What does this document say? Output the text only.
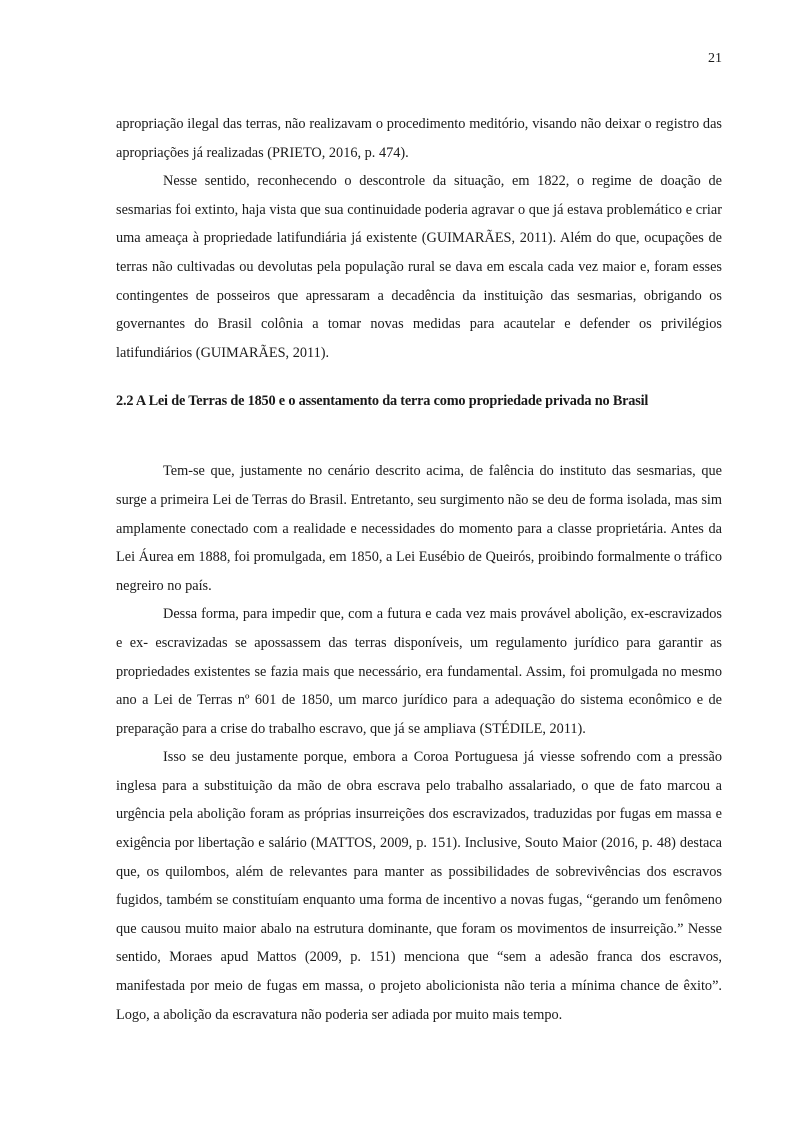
21

apropriação ilegal das terras, não realizavam o procedimento meditório, visando não deixar o registro das apropriações já realizadas (PRIETO, 2016, p. 474).

Nesse sentido, reconhecendo o descontrole da situação, em 1822, o regime de doação de sesmarias foi extinto, haja vista que sua continuidade poderia agravar o que já estava problemático e criar uma ameaça à propriedade latifundiária já existente (GUIMARÃES, 2011). Além do que, ocupações de terras não cultivadas ou devolutas pela população rural se dava em escala cada vez maior e, foram esses contingentes de posseiros que apressaram a decadência da instituição das sesmarias, obrigando os governantes do Brasil colônia a tomar novas medidas para acautelar e defender os privilégios latifundiários (GUIMARÃES, 2011).

2.2 A Lei de Terras de 1850 e o assentamento da terra como propriedade privada no Brasil

Tem-se que, justamente no cenário descrito acima, de falência do instituto das sesmarias, que surge a primeira Lei de Terras do Brasil. Entretanto, seu surgimento não se deu de forma isolada, mas sim amplamente conectado com a realidade e necessidades do momento para a classe proprietária. Antes da Lei Áurea em 1888, foi promulgada, em 1850, a Lei Eusébio de Queirós, proibindo formalmente o tráfico negreiro no país.

Dessa forma, para impedir que, com a futura e cada vez mais provável abolição, ex-escravizados e ex- escravizadas se apossassem das terras disponíveis, um regulamento jurídico para garantir as propriedades existentes se fazia mais que necessário, era fundamental. Assim, foi promulgada no mesmo ano a Lei de Terras nº 601 de 1850, um marco jurídico para a adequação do sistema econômico e de preparação para a crise do trabalho escravo, que já se ampliava (STÉDILE, 2011).

Isso se deu justamente porque, embora a Coroa Portuguesa já viesse sofrendo com a pressão inglesa para a substituição da mão de obra escrava pelo trabalho assalariado, o que de fato marcou a urgência pela abolição foram as próprias insurreições dos escravizados, traduzidas por fugas em massa e exigência por libertação e salário (MATTOS, 2009, p. 151). Inclusive, Souto Maior (2016, p. 48) destaca que, os quilombos, além de relevantes para manter as possibilidades de sobrevivências dos escravos fugidos, também se constituíam enquanto uma forma de incentivo a novas fugas, “gerando um fenômeno que causou muito maior abalo na estrutura dominante, que foram os movimentos de insurreição.” Nesse sentido, Moraes apud Mattos (2009, p. 151) menciona que “sem a adesão franca dos escravos, manifestada por meio de fugas em massa, o projeto abolicionista não teria a mínima chance de êxito”. Logo, a abolição da escravatura não poderia ser adiada por muito mais tempo.
